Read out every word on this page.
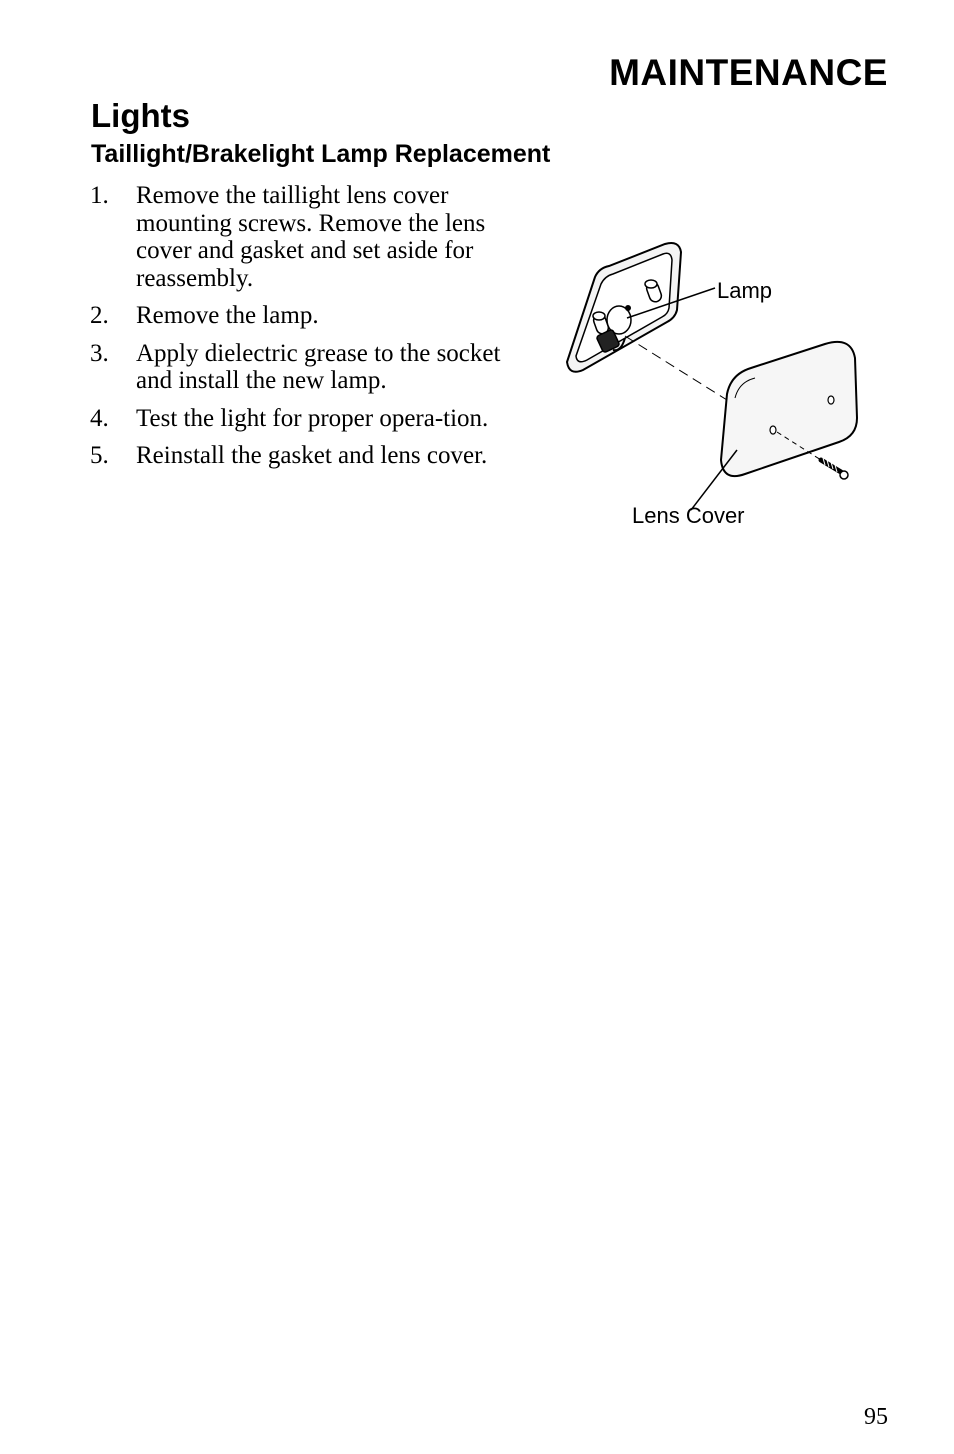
MAINTENANCE
Lights
Taillight/Brakelight Lamp Replacement
1. Remove the taillight lens cover mounting screws. Remove the lens cover and gasket and set aside for reassembly.
2. Remove the lamp.
3. Apply dielectric grease to the socket and install the new lamp.
4. Test the light for proper opera-tion.
5. Reinstall the gasket and lens cover.
Lamp
Lens Cover
95
